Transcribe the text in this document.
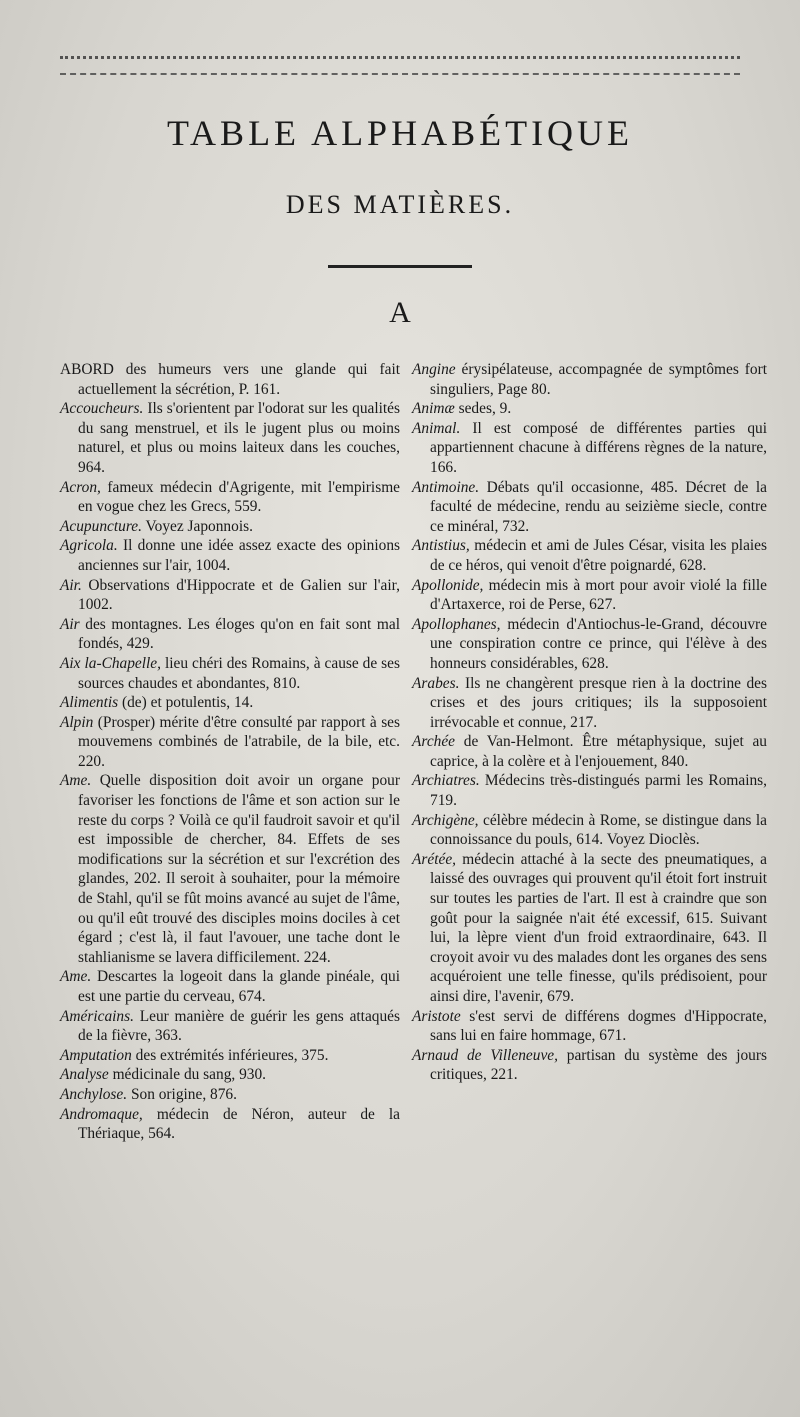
TABLE ALPHABÉTIQUE
DES MATIÈRES.
A
ABORD des humeurs vers une glande qui fait actuellement la sécrétion, P. 161.
Accoucheurs. Ils s'orientent par l'odorat sur les qualités du sang menstruel, et ils le jugent plus ou moins naturel, et plus ou moins laiteux dans les couches, 964.
Acron, fameux médecin d'Agrigente, mit l'empirisme en vogue chez les Grecs, 559.
Acupuncture. Voyez Japonnois.
Agricola. Il donne une idée assez exacte des opinions anciennes sur l'air, 1004.
Air. Observations d'Hippocrate et de Galien sur l'air, 1002.
Air des montagnes. Les éloges qu'on en fait sont mal fondés, 429.
Aix la-Chapelle, lieu chéri des Romains, à cause de ses sources chaudes et abondantes, 810.
Alimentis (de) et potulentis, 14.
Alpin (Prosper) mérite d'être consulté par rapport à ses mouvemens combinés de l'atrabile, de la bile, etc. 220.
Ame. Quelle disposition doit avoir un organe pour favoriser les fonctions de l'âme et son action sur le reste du corps ? Voilà ce qu'il faudroit savoir et qu'il est impossible de chercher, 84. Effets de ses modifications sur la sécrétion et sur l'excrétion des glandes, 202. Il seroit à souhaiter, pour la mémoire de Stahl, qu'il se fût moins avancé au sujet de l'âme, ou qu'il eût trouvé des disciples moins dociles à cet égard ; c'est là, il faut l'avouer, une tache dont le stahlianisme se lavera difficilement. 224.
Ame. Descartes la logeoit dans la glande pinéale, qui est une partie du cerveau, 674.
Américains. Leur manière de guérir les gens attaqués de la fièvre, 363.
Amputation des extrémités inférieures, 375.
Analyse médicinale du sang, 930.
Anchylose. Son origine, 876.
Andromaque, médecin de Néron, auteur de la Thériaque, 564.
Angine érysipélateuse, accompagnée de symptômes fort singuliers, Page 80.
Animæ sedes, 9.
Animal. Il est composé de différentes parties qui appartiennent chacune à différens règnes de la nature, 166.
Antimoine. Débats qu'il occasionne, 485. Décret de la faculté de médecine, rendu au seizième siecle, contre ce minéral, 732.
Antistius, médecin et ami de Jules César, visita les plaies de ce héros, qui venoit d'être poignardé, 628.
Apollonide, médecin mis à mort pour avoir violé la fille d'Artaxerce, roi de Perse, 627.
Apollophanes, médecin d'Antiochus-le-Grand, découvre une conspiration contre ce prince, qui l'élève à des honneurs considérables, 628.
Arabes. Ils ne changèrent presque rien à la doctrine des crises et des jours critiques; ils la supposoient irrévocable et connue, 217.
Archée de Van-Helmont. Être métaphysique, sujet au caprice, à la colère et à l'enjouement, 840.
Archiatres. Médecins très-distingués parmi les Romains, 719.
Archigène, célèbre médecin à Rome, se distingue dans la connoissance du pouls, 614. Voyez Dioclès.
Arétée, médecin attaché à la secte des pneumatiques, a laissé des ouvrages qui prouvent qu'il étoit fort instruit sur toutes les parties de l'art. Il est à craindre que son goût pour la saignée n'ait été excessif, 615. Suivant lui, la lèpre vient d'un froid extraordinaire, 643. Il croyoit avoir vu des malades dont les organes des sens acquéroient une telle finesse, qu'ils prédisoient, pour ainsi dire, l'avenir, 679.
Aristote s'est servi de différens dogmes d'Hippocrate, sans lui en faire hommage, 671.
Arnaud de Villeneuve, partisan du système des jours critiques, 221.
